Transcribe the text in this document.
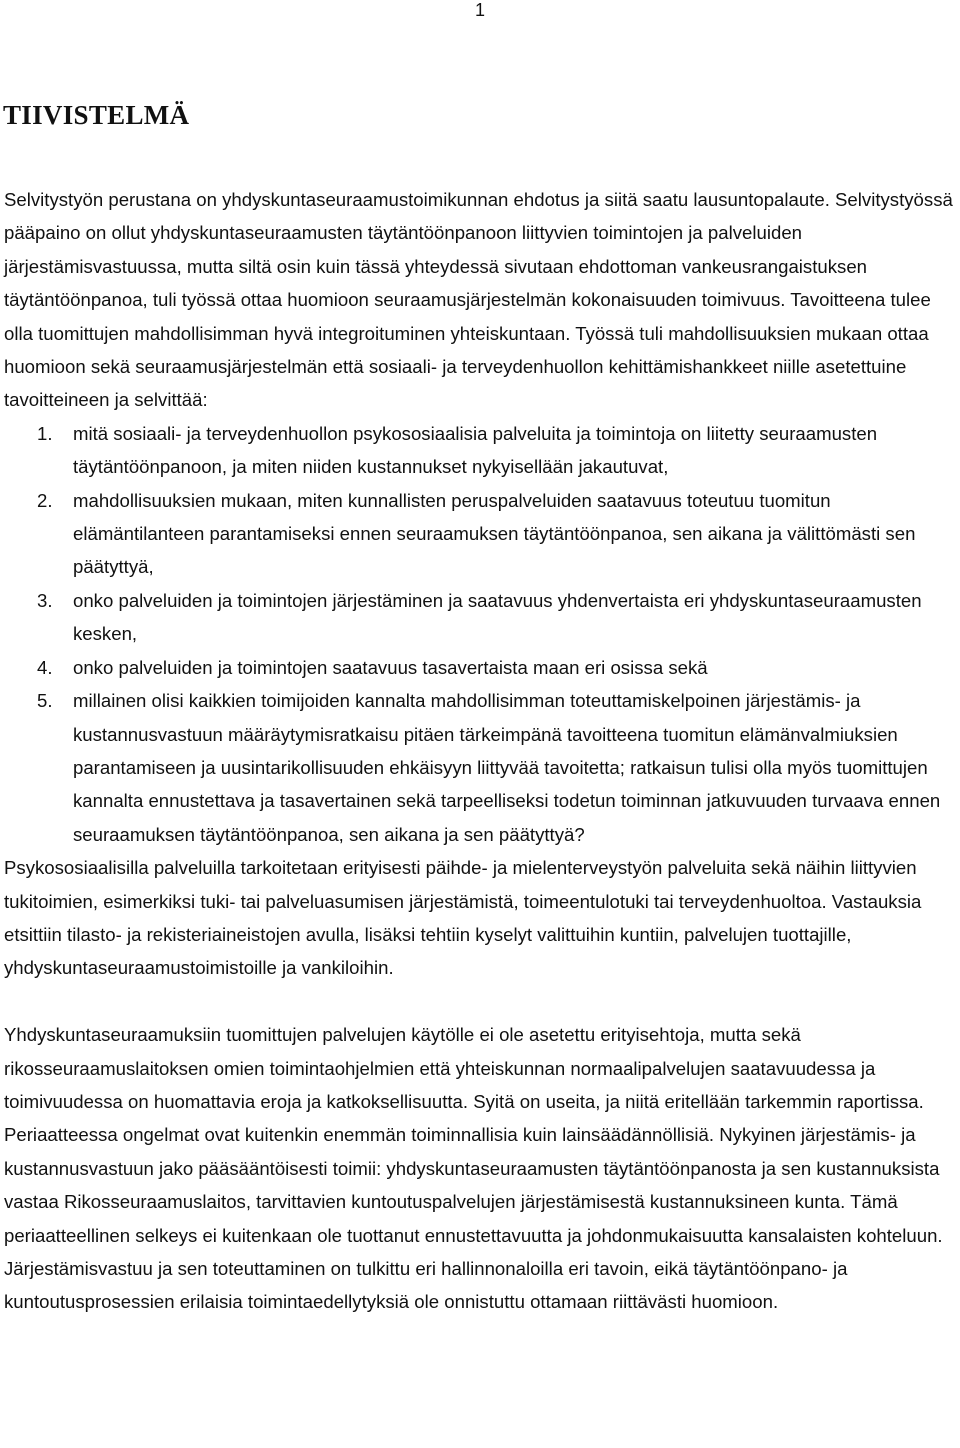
1
TIIVISTELMÄ

Selvitystyön perustana on yhdyskuntaseuraamustoimikunnan ehdotus ja siitä saatu lausuntopalaute. Selvitystyössä pääpaino on ollut yhdyskuntaseuraamusten täytäntöönpanoon liittyvien toimintojen ja palveluiden järjestämisvastuussa, mutta siltä osin kuin tässä yhteydessä sivutaan ehdottoman vankeusrangaistuksen täytäntöönpanoa, tuli työssä ottaa huomioon seuraamusjärjestelmän kokonaisuuden toimivuus. Tavoitteena tulee olla tuomittujen mahdollisimman hyvä integroituminen yhteiskuntaan. Työssä tuli mahdollisuuksien mukaan ottaa huomioon sekä seuraamusjärjestelmän että sosiaali- ja terveydenhuollon kehittämishankkeet niille asetettuine tavoitteineen ja selvittää:

1. mitä sosiaali- ja terveydenhuollon psykososiaalisia palveluita ja toimintoja on liitetty seuraamusten täytäntöönpanoon, ja miten niiden kustannukset nykyisellään jakautuvat,
2. mahdollisuuksien mukaan, miten kunnallisten peruspalveluiden saatavuus toteutuu tuomitun elämäntilanteen parantamiseksi ennen seuraamuksen täytäntöönpanoa, sen aikana ja välittömästi sen päätyttyä,
3. onko palveluiden ja toimintojen järjestäminen ja saatavuus yhdenvertaista eri yhdyskuntaseuraamusten kesken,
4. onko palveluiden ja toimintojen saatavuus tasavertaista maan eri osissa sekä
5. millainen olisi kaikkien toimijoiden kannalta mahdollisimman toteuttamiskelpoinen järjestämis- ja kustannusvastuun määräytymisratkaisu pitäen tärkeimpänä tavoitteena tuomitun elämänvalmiuksien parantamiseen ja uusintarikollisuuden ehkäisyyn liittyvää tavoitetta; ratkaisun tulisi olla myös tuomittujen kannalta ennustettava ja tasavertainen sekä tarpeelliseksi todetun toiminnan jatkuvuuden turvaava ennen seuraamuksen täytäntöönpanoa, sen aikana ja sen päätyttyä?

Psykososiaalisilla palveluilla tarkoitetaan erityisesti päihde- ja mielenterveystyön palveluita sekä näihin liittyvien tukitoimien, esimerkiksi tuki- tai palveluasumisen järjestämistä, toimeentulotuki tai terveydenhuoltoa. Vastauksia etsittiin tilasto- ja rekisteriaineistojen avulla, lisäksi tehtiin kyselyt valittuihin kuntiin, palvelujen tuottajille, yhdyskuntaseuraamustoimistoille ja vankiloihin.

Yhdyskuntaseuraamuksiin tuomittujen palvelujen käytölle ei ole asetettu erityisehtoja, mutta sekä rikosseuraamuslaitoksen omien toimintaohjelmien että yhteiskunnan normaalipalvelujen saatavuudessa ja toimivuudessa on huomattavia eroja ja katkoksellisuutta. Syitä on useita, ja niitä eritellään tarkemmin raportissa. Periaatteessa ongelmat ovat kuitenkin enemmän toiminnallisia kuin lainsäädännöllisiä. Nykyinen järjestämis- ja kustannusvastuun jako pääsääntöisesti toimii: yhdyskuntaseuraamusten täytäntöönpanosta ja sen kustannuksista vastaa Rikosseuraamuslaitos, tarvittavien kuntoutuspalvelujen järjestämisestä kustannuksineen kunta. Tämä periaatteellinen selkeys ei kuitenkaan ole tuottanut ennustettavuutta ja johdonmukaisuutta kansalaisten kohteluun. Järjestämisvastuu ja sen toteuttaminen on tulkittu eri hallinnonaloilla eri tavoin, eikä täytäntöönpano- ja kuntoutusprosessien erilaisia toimintaedellytyksiä ole onnistuttu ottamaan riittävästi huomioon.
